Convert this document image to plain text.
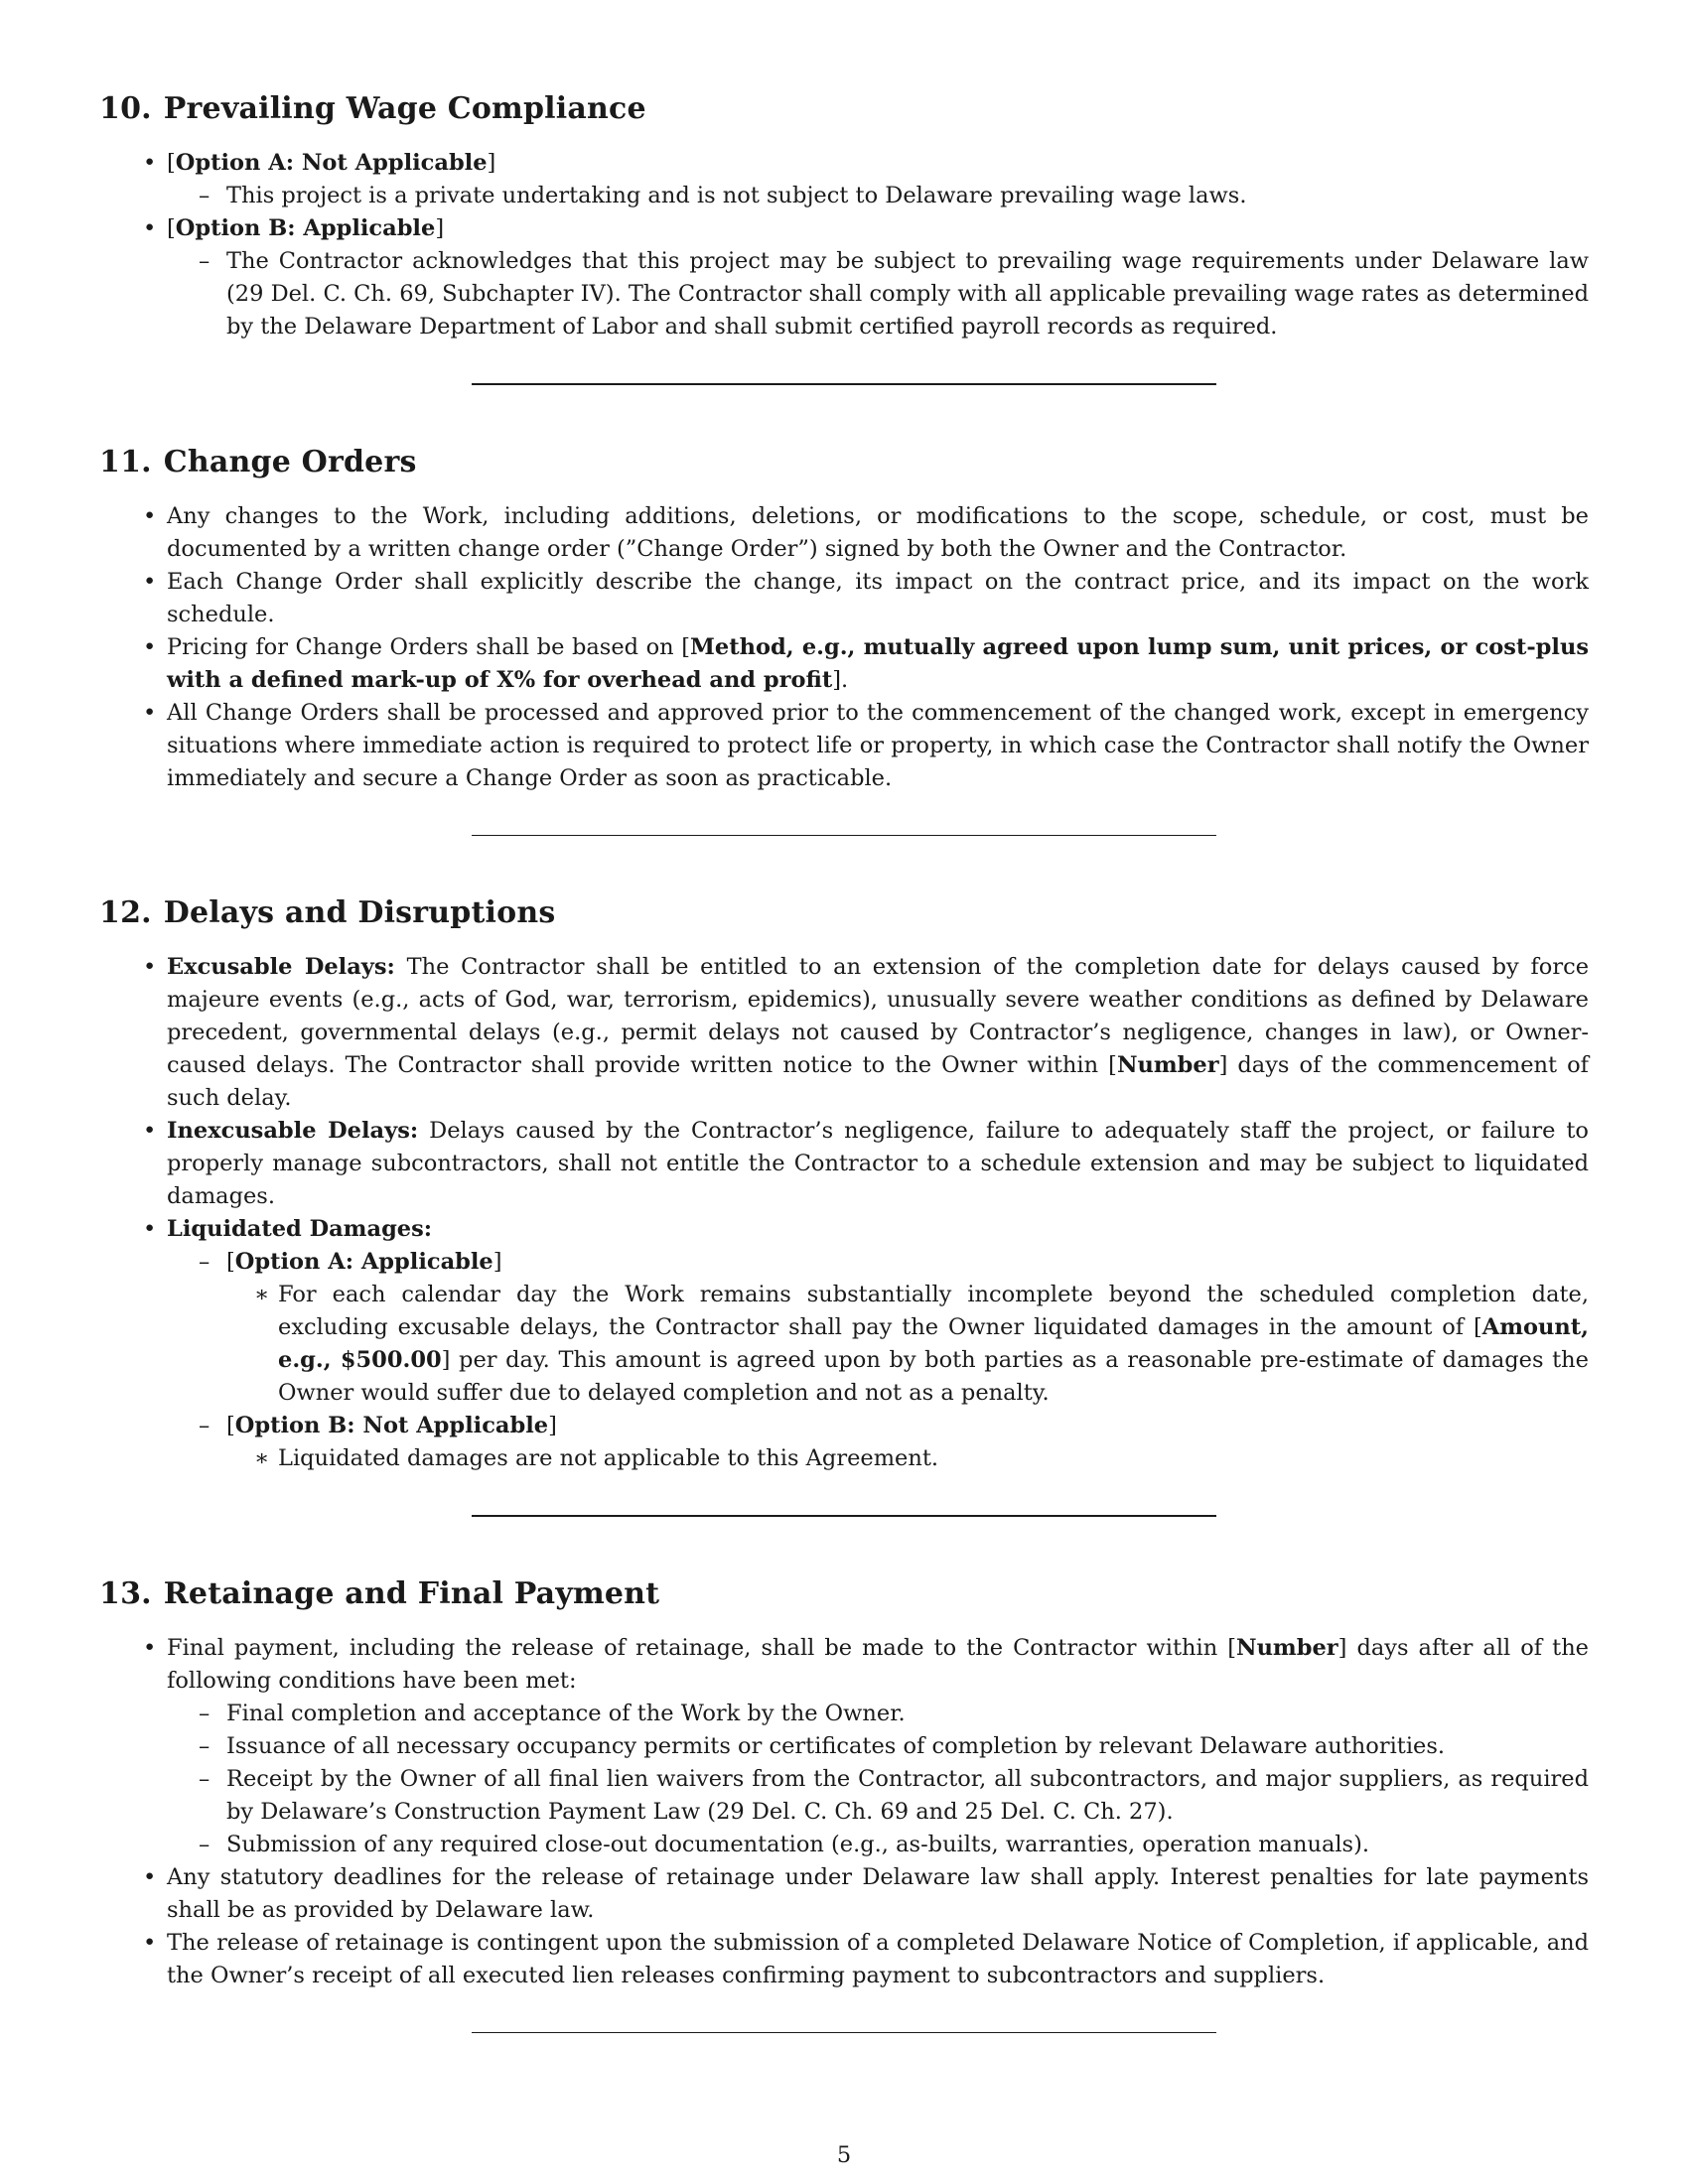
10. Prevailing Wage Compliance
• [Option A: Not Applicable]
– This project is a private undertaking and is not subject to Delaware prevailing wage laws.
• [Option B: Applicable]
– The Contractor acknowledges that this project may be subject to prevailing wage requirements under Delaware law (29 Del. C. Ch. 69, Subchapter IV). The Contractor shall comply with all applicable prevailing wage rates as determined by the Delaware Department of Labor and shall submit certified payroll records as required.
11. Change Orders
• Any changes to the Work, including additions, deletions, or modifications to the scope, schedule, or cost, must be documented by a written change order (”Change Order”) signed by both the Owner and the Contractor.
• Each Change Order shall explicitly describe the change, its impact on the contract price, and its impact on the work schedule.
• Pricing for Change Orders shall be based on [Method, e.g., mutually agreed upon lump sum, unit prices, or cost-plus with a defined mark-up of X% for overhead and profit].
• All Change Orders shall be processed and approved prior to the commencement of the changed work, except in emergency situations where immediate action is required to protect life or property, in which case the Contractor shall notify the Owner immediately and secure a Change Order as soon as practicable.
12. Delays and Disruptions
• Excusable Delays: The Contractor shall be entitled to an extension of the completion date for delays caused by force majeure events (e.g., acts of God, war, terrorism, epidemics), unusually severe weather conditions as defined by Delaware precedent, governmental delays (e.g., permit delays not caused by Contractor’s negligence, changes in law), or Owner-caused delays. The Contractor shall provide written notice to the Owner within [Number] days of the commencement of such delay.
• Inexcusable Delays: Delays caused by the Contractor’s negligence, failure to adequately staff the project, or failure to properly manage subcontractors, shall not entitle the Contractor to a schedule extension and may be subject to liquidated damages.
• Liquidated Damages:
– [Option A: Applicable]
∗ For each calendar day the Work remains substantially incomplete beyond the scheduled completion date, excluding excusable delays, the Contractor shall pay the Owner liquidated damages in the amount of [Amount, e.g., $500.00] per day. This amount is agreed upon by both parties as a reasonable pre-estimate of damages the Owner would suffer due to delayed completion and not as a penalty.
– [Option B: Not Applicable]
∗ Liquidated damages are not applicable to this Agreement.
13. Retainage and Final Payment
• Final payment, including the release of retainage, shall be made to the Contractor within [Number] days after all of the following conditions have been met:
– Final completion and acceptance of the Work by the Owner.
– Issuance of all necessary occupancy permits or certificates of completion by relevant Delaware authorities.
– Receipt by the Owner of all final lien waivers from the Contractor, all subcontractors, and major suppliers, as required by Delaware’s Construction Payment Law (29 Del. C. Ch. 69 and 25 Del. C. Ch. 27).
– Submission of any required close-out documentation (e.g., as-builts, warranties, operation manuals).
• Any statutory deadlines for the release of retainage under Delaware law shall apply. Interest penalties for late payments shall be as provided by Delaware law.
• The release of retainage is contingent upon the submission of a completed Delaware Notice of Completion, if applicable, and the Owner’s receipt of all executed lien releases confirming payment to subcontractors and suppliers.
5
